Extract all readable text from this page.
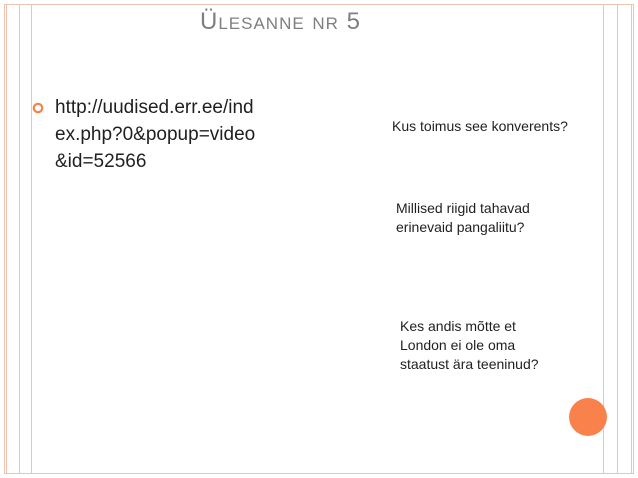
Ülesanne nr 5
http://uudised.err.ee/ind
ex.php?0&popup=video
&id=52566
Kus toimus see konverents?
Millised riigid tahavad
erinevaid pangaliitu?
Kes andis mõtte et
London ei ole oma
staatust ära teeninud?
